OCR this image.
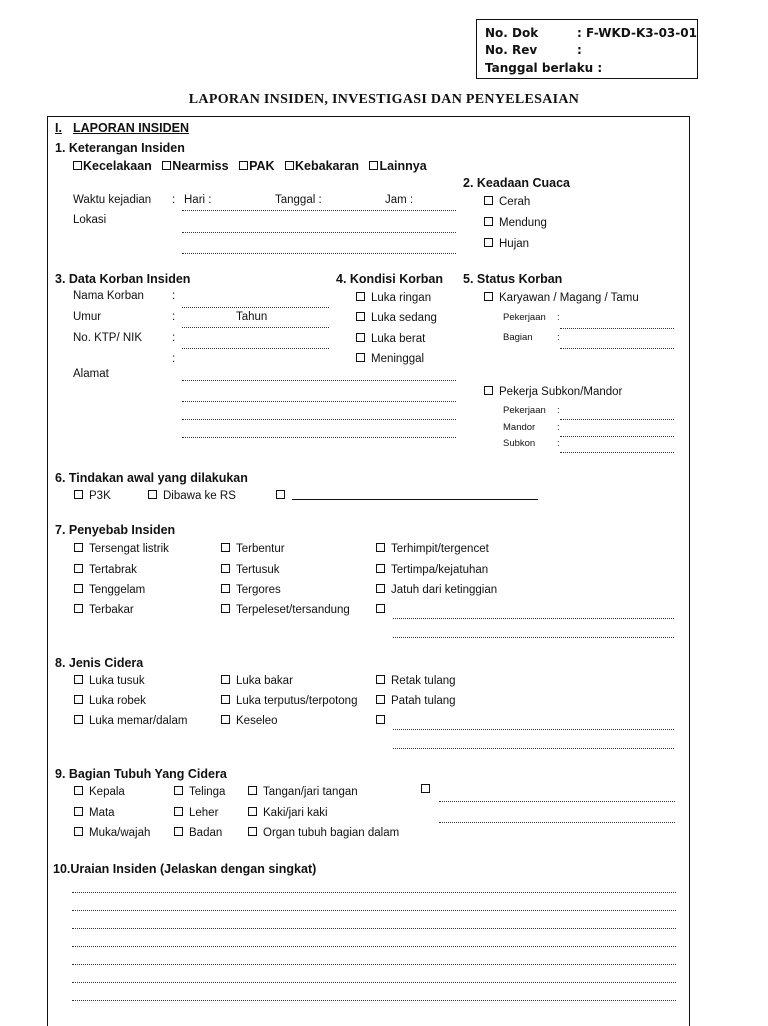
No. Dok	: F-WKD-K3-03-01
No. Rev	:
Tanggal berlaku :
LAPORAN INSIDEN, INVESTIGASI DAN PENYELESAIAN
I. LAPORAN INSIDEN
1. Keterangan Insiden
Kecelakaan Nearmiss PAK Kebakaran Lainnya
Waktu kejadian : Hari :	Tanggal :	Jam :
Lokasi
2. Keadaan Cuaca
Cerah
Mendung
Hujan
3. Data Korban Insiden
Nama Korban :
Umur	:	Tahun
No. KTP/ NIK	:
:
Alamat
4. Kondisi Korban
Luka ringan
Luka sedang
Luka berat
Meninggal
5. Status Korban
Karyawan / Magang / Tamu
Pekerjaan :
Bagian	:
Pekerja Subkon/Mandor
Pekerjaan :
Mandor :
Subkon :
6. Tindakan awal yang dilakukan
P3K	Dibawa ke RS
7. Penyebab Insiden
Tersengat listrik
Tertabrak
Tenggelam
Terbakar
Terbentur
Tertusuk
Tergores
Terpeleset/tersandung
Terhimpit/tergencet
Tertimpa/kejatuhan
Jatuh dari ketinggian
8. Jenis Cidera
Luka tusuk
Luka robek
Luka memar/dalam
Luka bakar
Luka terputus/terpotong
Keseleo
Retak tulang
Patah tulang
9. Bagian Tubuh Yang Cidera
Kepala
Mata
Muka/wajah
Telinga
Leher
Badan
Tangan/jari tangan
Kaki/jari kaki
Organ tubuh bagian dalam
10.Uraian Insiden (Jelaskan dengan singkat)
